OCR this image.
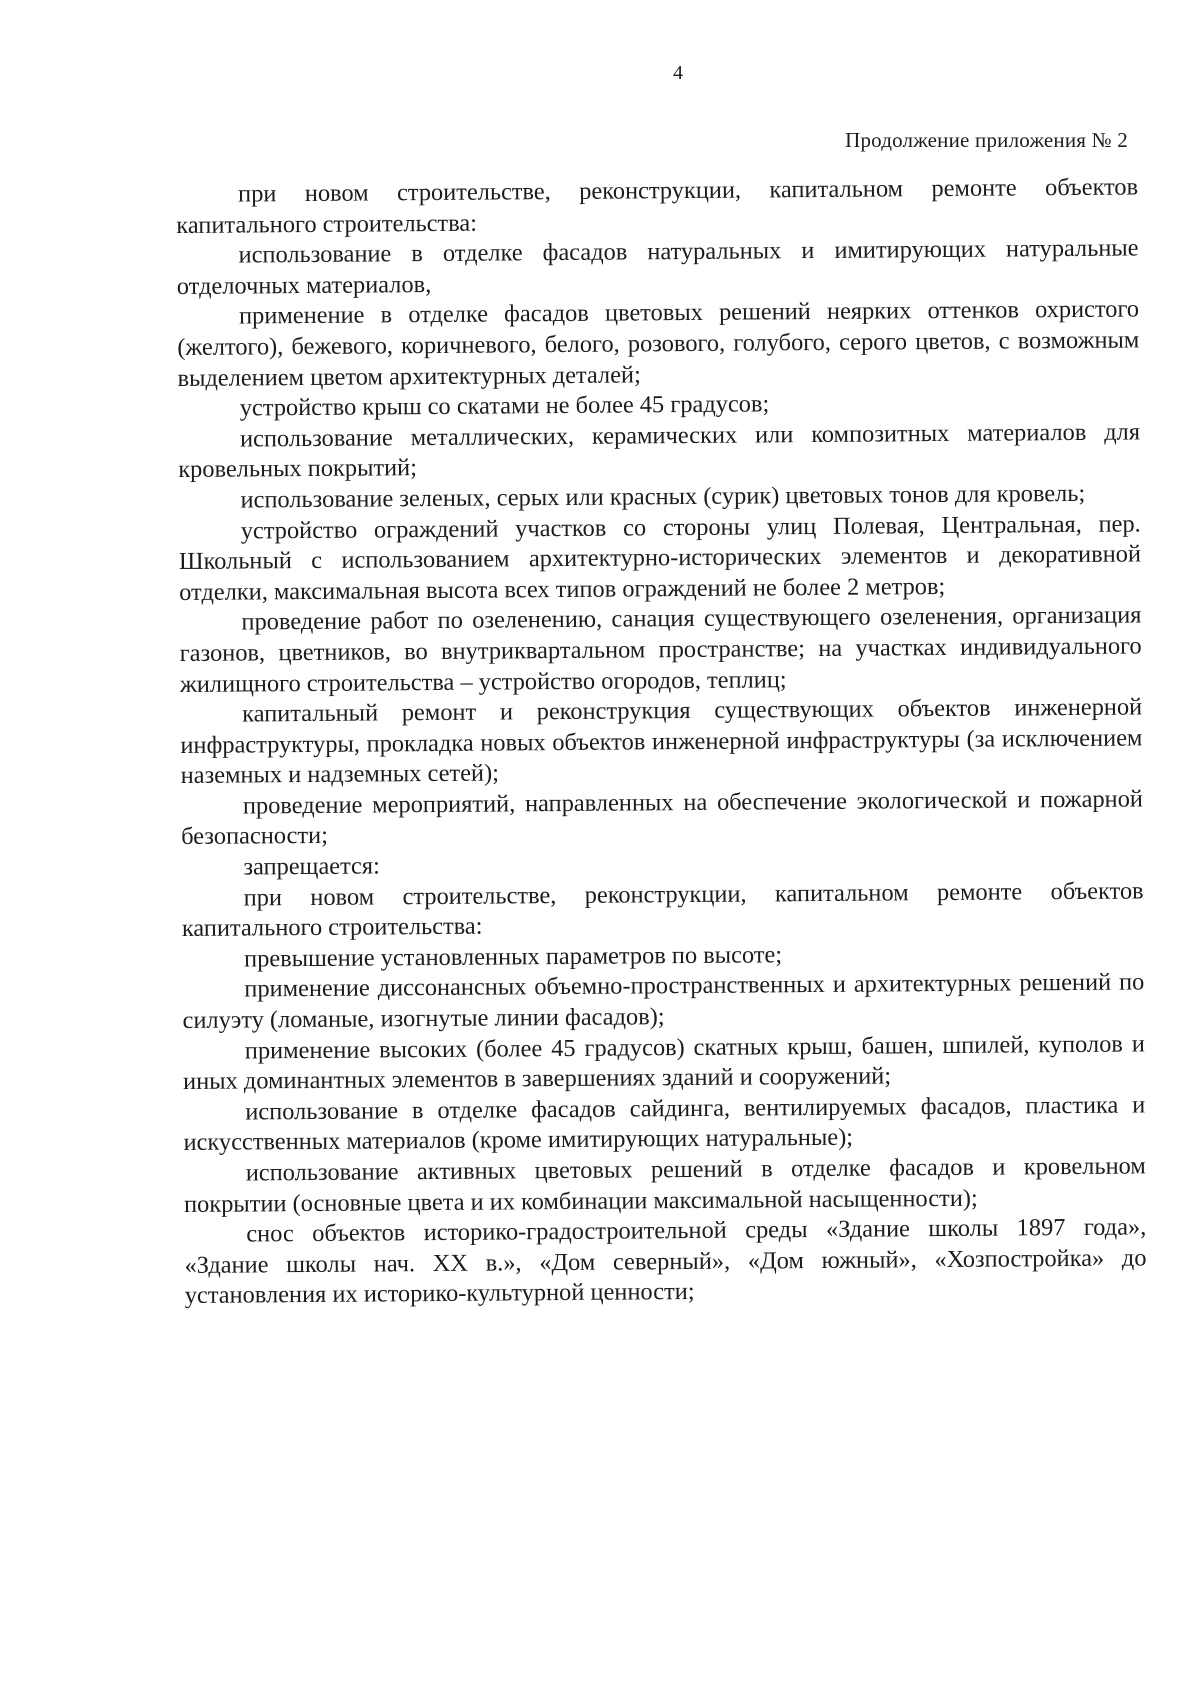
4
Продолжение приложения № 2

при новом строительстве, реконструкции, капитальном ремонте объектов капитального строительства:

использование в отделке фасадов натуральных и имитирующих натуральные отделочных материалов,

применение в отделке фасадов цветовых решений неярких оттенков охристого (желтого), бежевого, коричневого, белого, розового, голубого, серого цветов, с возможным выделением цветом архитектурных деталей;

устройство крыш со скатами не более 45 градусов;

использование металлических, керамических или композитных материалов для кровельных покрытий;

использование зеленых, серых или красных (сурик) цветовых тонов для кровель;

устройство ограждений участков со стороны улиц Полевая, Центральная, пер. Школьный с использованием архитектурно-исторических элементов и декоративной отделки, максимальная высота всех типов ограждений не более 2 метров;

проведение работ по озеленению, санация существующего озеленения, организация газонов, цветников, во внутриквартальном пространстве; на участках индивидуального жилищного строительства – устройство огородов, теплиц;

капитальный ремонт и реконструкция существующих объектов инженерной инфраструктуры, прокладка новых объектов инженерной инфраструктуры (за исключением наземных и надземных сетей);

проведение мероприятий, направленных на обеспечение экологической и пожарной безопасности;

запрещается:

при новом строительстве, реконструкции, капитальном ремонте объектов капитального строительства:

превышение установленных параметров по высоте;

применение диссонансных объемно-пространственных и архитектурных решений по силуэту (ломаные, изогнутые линии фасадов);

применение высоких (более 45 градусов) скатных крыш, башен, шпилей, куполов и иных доминантных элементов в завершениях зданий и сооружений;

использование в отделке фасадов сайдинга, вентилируемых фасадов, пластика и искусственных материалов (кроме имитирующих натуральные);

использование активных цветовых решений в отделке фасадов и кровельном покрытии (основные цвета и их комбинации максимальной насыщенности);

снос объектов историко-градостроительной среды «Здание школы 1897 года», «Здание школы нач. XX в.», «Дом северный», «Дом южный», «Хозпостройка» до установления их историко-культурной ценности;
